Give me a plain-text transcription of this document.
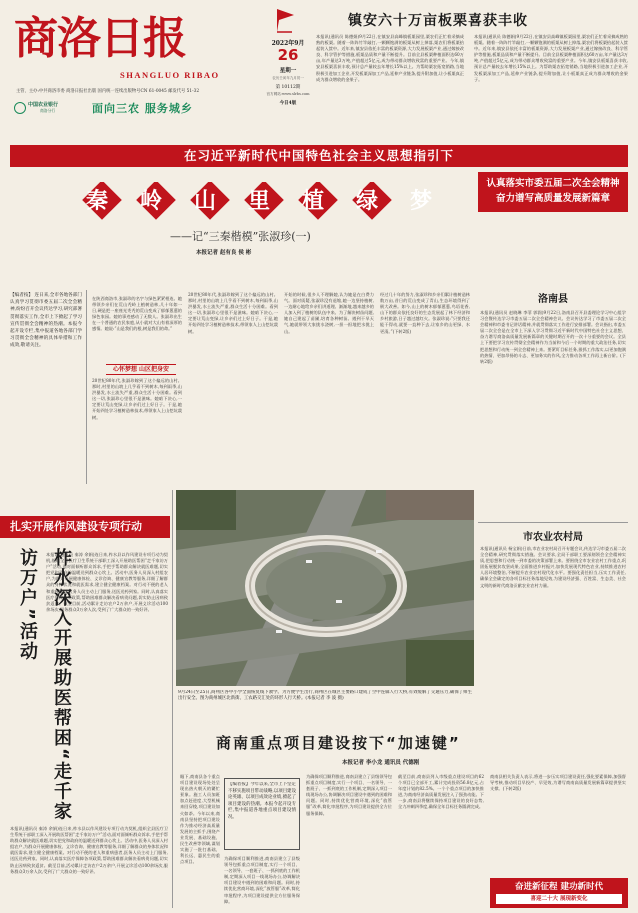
商洛日报
SHANGLUO RIBAO
主管、主办:中共商洛市委 商洛日报社出版 国内统一连续出版物号CN 61-0045 邮发代号 51-32
2022年9月
26
星期一
农历壬寅年九月初一
第 10112期
官方网站:www.slrbs.com
今日4版
中国农业银行
商洛分行	面向三农 服务城乡
镇安六十万亩板栗喜获丰收
本报讯(通讯员 陈德娟)9月22日,在镇安县高峰镇板栗园里,栗农们正忙着采摘成熟的板栗。随着一阵阵竹竿敲打,一颗颗饱满的板栗从树上掉落,栗农们将板栗拾起装入筐中。近年来,镇安县依托丰富的板栗资源,大力发展板栗产业,通过嫁接改良、科学管护等措施,板栗品质和产量不断提升。目前全县板栗种植面积达60万亩,年产量达3万吨,产值超过5亿元,成为带动群众增收致富的重要产业。今年,镇安县板栗喜获丰收,预计总产量较去年增长15%以上。为帮助栗农拓宽销路,当地积极引进加工企业,开发板栗深加工产品,延伸产业链条,提升附加值,让小板栗真正成为群众增收的金果子。
本报讯(通讯员 陈德娟)9月22日,在镇安县高峰镇板栗园里,栗农们正忙着采摘成熟的板栗。随着一阵阵竹竿敲打,一颗颗饱满的板栗从树上掉落,栗农们将板栗拾起装入筐中。近年来,镇安县依托丰富的板栗资源,大力发展板栗产业,通过嫁接改良、科学管护等措施,板栗品质和产量不断提升。目前全县板栗种植面积达60万亩,年产量达3万吨,产值超过5亿元,成为带动群众增收致富的重要产业。今年,镇安县板栗喜获丰收,预计总产量较去年增长15%以上。为帮助栗农拓宽销路,当地积极引进加工企业,开发板栗深加工产品,延伸产业链条,提升附加值,让小板栗真正成为群众增收的金果子。
在习近平新时代中国特色社会主义思想指引下
秦岭山里植绿梦
——记“三秦楷模”张淑珍(一)
本报记者 赵有良 侯 彬
【编者按】 连日来,全市各地各部门认真学习贯彻市委五届二次全会精神,纷纷召开会议传达学习,研究部署贯彻落实工作,全市上下掀起了学习宣传贯彻全会精神的热潮。本报今起开设专栏,集中报道各地各部门学习贯彻全会精神的具体举措和工作成效,敬请关注。
在陕西商洛市,张淑珍的名字与绿色紧紧相连。她带领乡亲们在荒山秃岭上植树造林,几十年如一日,硬是把一座座光秃秃的荒山变成了郁郁葱葱的绿色家园。她的事迹感动了无数人。张淑珍出生在一个普通的农民家庭,从小就对大山有着深厚的感情。她说:“山是我们的根,树是我们的命。”
心怀梦想 山区把身安
20世纪80年代,张淑珍嫁到了这个偏远的山村。那时,村里的山坡上几乎看不到树木,每到雨季,山洪暴发,水土流失严重,群众生活十分困难。看到这一切,张淑珍心里很不是滋味。她暗下决心,一定要让荒山变绿,让乡亲们过上好日子。于是,她开始四处学习植树造林技术,带领家人上山挖坑栽树。
20世纪80年代,张淑珍嫁到了这个偏远的山村。那时,村里的山坡上几乎看不到树木,每到雨季,山洪暴发,水土流失严重,群众生活十分困难。看到这一切,张淑珍心里很不是滋味。她暗下决心,一定要让荒山变绿,让乡亲们过上好日子。于是,她开始四处学习植树造林技术,带领家人上山挖坑栽树。
开始的时候,很多人不理解她,认为她是在白费力气。面对质疑,张淑珍没有退缩,她一边坚持植树,一边耐心地给乡亲们讲道理。渐渐地,越来越多的人加入到了植树的队伍中来。为了解决树苗问题,她自己建起了苗圃,培育各种树苗。遇到干旱天气,她就带领大家挑水浇树,一担一担地把水挑上山。
经过几十年的努力,张淑珍和乡亲们累计植树造林数万亩,昔日的荒山变成了青山,生态环境得到了极大改善。如今,山上的树木郁郁葱葱,鸟语花香,山下的群众依托良好的生态发展起了林下经济和乡村旅游,日子越过越红火。张淑珍说:“只要我还能干得动,就要一直种下去,让家乡的山更绿、水更清。”(下转2版)
认真落实市委五届二次全会精神
奋力谱写高质量发展新篇章
洛南县
本报讯(通讯员 赵晓琳 李菲 郭润)9月22日,洛南县召开县委理论学习中心组学习会暨传达学习市委五届二次全会精神会议。会议传达学习了市委五届二次全会精神和市委书记讲话精神,并就贯彻落实工作进行安排部署。会议指出,市委五届二次全会是在全市上下深入学习贯彻习近平新时代中国特色社会主义思想、奋力谱写商洛高质量发展新篇章的关键时期召开的一次十分重要的会议。全县上下要把学习宣传贯彻全会精神作为当前和今后一个时期的重大政治任务,切实把思想和行动统一到全会精神上来。要紧盯目标任务,狠抓工作落实,以更加饱满的热情、更加昂扬的斗志、更加务实的作风,全力推动各项工作再上新台阶。(下转2版)
市农业农村局
本报讯(通讯员 杨宝娟)日前,市农业农村局召开专题会议,传达学习市委五届二次全会精神,研究贯彻落实措施。会议要求,全局干部职工要深刻领会全会精神实质,把思想和行动统一到市委的决策部署上来。要围绕全市农业农村工作重点,巩固拓展脱贫攻坚成果,全面推进乡村振兴,加快发展现代特色农业,持续推进农村人居环境整治,不断提升农业农村现代化水平。要强化责任担当,压实工作责任,确保全会确定的各项目标任务落地见效,为建设经济强、百姓富、生态美、社会文明的新时代商洛贡献农业农村力量。
扎实开展作风建设专项行动
柞水深入开展助医帮困“走千家访万户”活动	本报讯(通讯员 秦涛 余娟)连日来,柞水县以作风建设专项行动为契机,组织全县医疗卫生系统干部职工深入开展助医帮困“走千家访万户”活动,面对面倾听群众诉求,手把手帮助群众解决就医难题,切实把党和政府的温暖送到群众心坎上。活动中,医务人员深入村组农户,为群众开展健康体检、义诊咨询、健康宣教等服务,详细了解群众的身体状况和就医需求,建立健全健康档案。对行动不便的老人和重病患者,医务人员主动上门服务,送医送药到家。同时,认真落实医疗保障各项政策,帮助困难群众解决看病贵问题,切实防止因病致贫返贫。截至目前,活动累计走访农户2万余户,开展义诊活动100余场次,服务群众3万余人次,受到了广大群众的一致好评。
本报讯(通讯员 秦涛 余娟)连日来,柞水县以作风建设专项行动为契机,组织全县医疗卫生系统干部职工深入开展助医帮困“走千家访万户”活动,面对面倾听群众诉求,手把手帮助群众解决就医难题,切实把党和政府的温暖送到群众心坎上。活动中,医务人员深入村组农户,为群众开展健康体检、义诊咨询、健康宣教等服务,详细了解群众的身体状况和就医需求,建立健全健康档案。对行动不便的老人和重病患者,医务人员主动上门服务,送医送药到家。同时,认真落实医疗保障各项政策,帮助困难群众解决看病贵问题,切实防止因病致贫返贫。截至目前,活动累计走访农户2万余户,开展义诊活动100余场次,服务群众3万余人次,受到了广大群众的一致好评。
9月24日至25日,商州区各中小学全面恢复线下教学。为方便学生出行,商州区在城区主要路口建成了空中连廊人行天桥,有效缓解了交通压力,确保了师生出行安全。图为商州城区北新街、工农路交汇处的环形人行天桥。(本报记者 李 波 摄)
商南重点项目建设按下“加速键”
本报记者 李小龙 通讯员 代德刚
眼下,商南县各个重点项目建设现场处处呈现出热火朝天的繁忙景象。施工人员加班加点赶进度,大型机械来回穿梭,项目建设如火如荼。今年以来,商南县坚持把项目建设作为推动经济高质量发展的主抓手,围绕产业发展、基础设施、民生改善等领域,谋划实施了一批打基础、利长远、惠民生的重点项目。
【编者按】今年以来,全市上下坚定不移实施项目带动战略,以项目建设论英雄、以项目成效论业绩,掀起了项目建设的热潮。本报今起开设专栏,集中报道各地重点项目建设情况。
为确保项目顺利推进,商南县建立了县级领导包抓重点项目制度,实行一个项目、一名领导、一套班子、一抓到底的工作机制,定期深入项目一线现场办公,协调解决项目建设中遇到的困难和问题。同时,持续优化营商环境,深化“放管服”改革,简化审批程序,为项目建设提供全方位服务保障。
为确保项目顺利推进,商南县建立了县级领导包抓重点项目制度,实行一个项目、一名领导、一套班子、一抓到底的工作机制,定期深入项目一线现场办公,协调解决项目建设中遇到的困难和问题。同时,持续优化营商环境,深化“放管服”改革,简化审批程序,为项目建设提供全方位服务保障。
截至目前,商南县列入市级重点建设项目的62个项目已全部开工,累计完成投资56.8亿元,占年度计划的82.5%。一个个重点项目的加快推进,为商南经济高质量发展注入了强劲动能。下一步,商南县将继续保持项目建设的良好态势,全力冲刺四季度,确保全年目标任务圆满完成。
商南县相关负责人表示,将进一步压实项目建设责任,强化要素保障,加强督导考核,推动项目早投产、早见效,为谱写商南高质量发展新篇章提供坚实支撑。(下转2版)
奋进新征程 建功新时代
喜迎二十大 展现新变化
